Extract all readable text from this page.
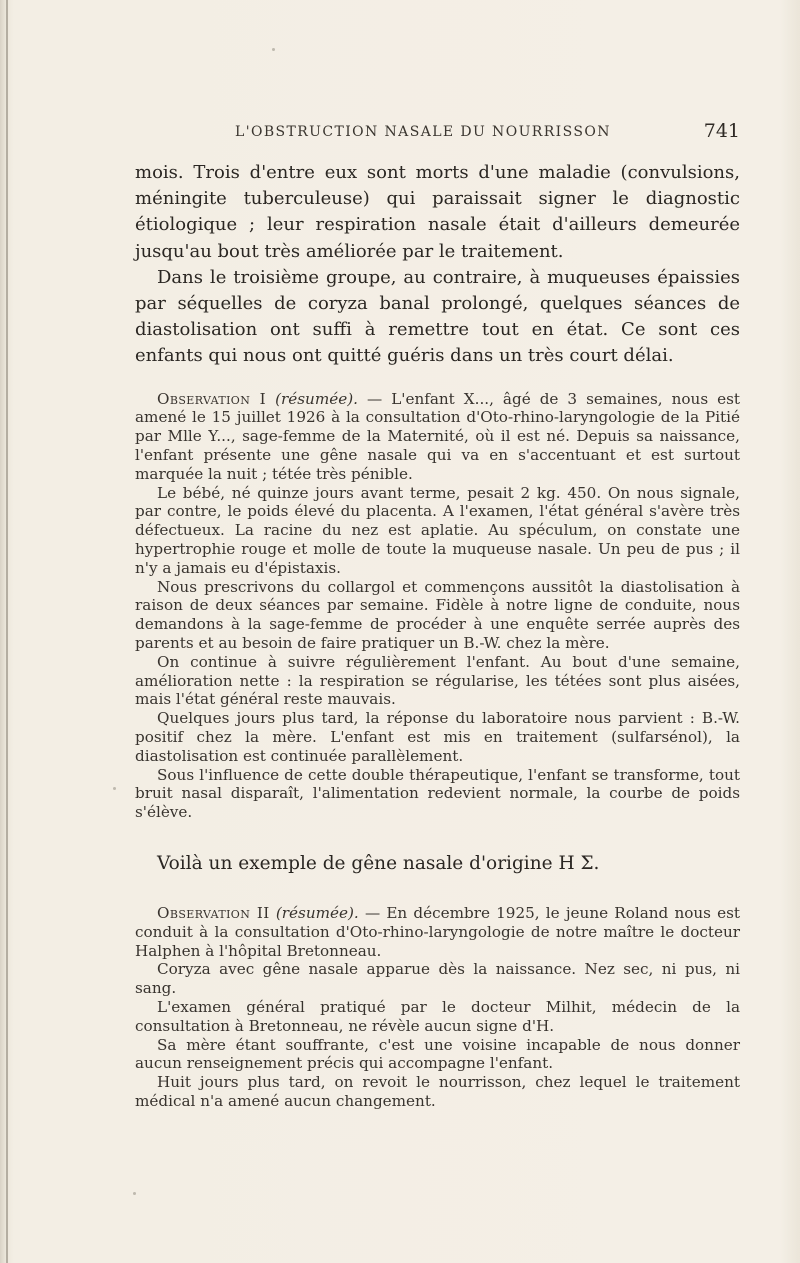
L'OBSTRUCTION NASALE DU NOURRISSON	741

mois. Trois d'entre eux sont morts d'une maladie (convulsions, méningite tuberculeuse) qui paraissait signer le diagnostic étiologique ; leur respiration nasale était d'ailleurs demeurée jusqu'au bout très améliorée par le traitement.

Dans le troisième groupe, au contraire, à muqueuses épaissies par séquelles de coryza banal prolongé, quelques séances de diastolisation ont suffi à remettre tout en état. Ce sont ces enfants qui nous ont quitté guéris dans un très court délai.

Observation I (résumée). — L'enfant X..., âgé de 3 semaines, nous est amené le 15 juillet 1926 à la consultation d'Oto-rhino-laryngologie de la Pitié par Mlle Y..., sage-femme de la Maternité, où il est né. Depuis sa naissance, l'enfant présente une gêne nasale qui va en s'accentuant et est surtout marquée la nuit ; tétée très pénible.

Le bébé, né quinze jours avant terme, pesait 2 kg. 450. On nous signale, par contre, le poids élevé du placenta. A l'examen, l'état général s'avère très défectueux. La racine du nez est aplatie. Au spéculum, on constate une hypertrophie rouge et molle de toute la muqueuse nasale. Un peu de pus ; il n'y a jamais eu d'épistaxis.

Nous prescrivons du collargol et commençons aussitôt la diastolisation à raison de deux séances par semaine. Fidèle à notre ligne de conduite, nous demandons à la sage-femme de procéder à une enquête serrée auprès des parents et au besoin de faire pratiquer un B.-W. chez la mère.

On continue à suivre régulièrement l'enfant. Au bout d'une semaine, amélioration nette : la respiration se régularise, les tétées sont plus aisées, mais l'état général reste mauvais.

Quelques jours plus tard, la réponse du laboratoire nous parvient : B.-W. positif chez la mère. L'enfant est mis en traitement (sulfarsénol), la diastolisation est continuée parallèlement.

Sous l'influence de cette double thérapeutique, l'enfant se transforme, tout bruit nasal disparaît, l'alimentation redevient normale, la courbe de poids s'élève.

Voilà un exemple de gêne nasale d'origine H Σ.

Observation II (résumée). — En décembre 1925, le jeune Roland nous est conduit à la consultation d'Oto-rhino-laryngologie de notre maître le docteur Halphen à l'hôpital Bretonneau.

Coryza avec gêne nasale apparue dès la naissance. Nez sec, ni pus, ni sang.

L'examen général pratiqué par le docteur Milhit, médecin de la consultation à Bretonneau, ne révèle aucun signe d'H.

Sa mère étant souffrante, c'est une voisine incapable de nous donner aucun renseignement précis qui accompagne l'enfant.

Huit jours plus tard, on revoit le nourrisson, chez lequel le traitement médical n'a amené aucun changement.
